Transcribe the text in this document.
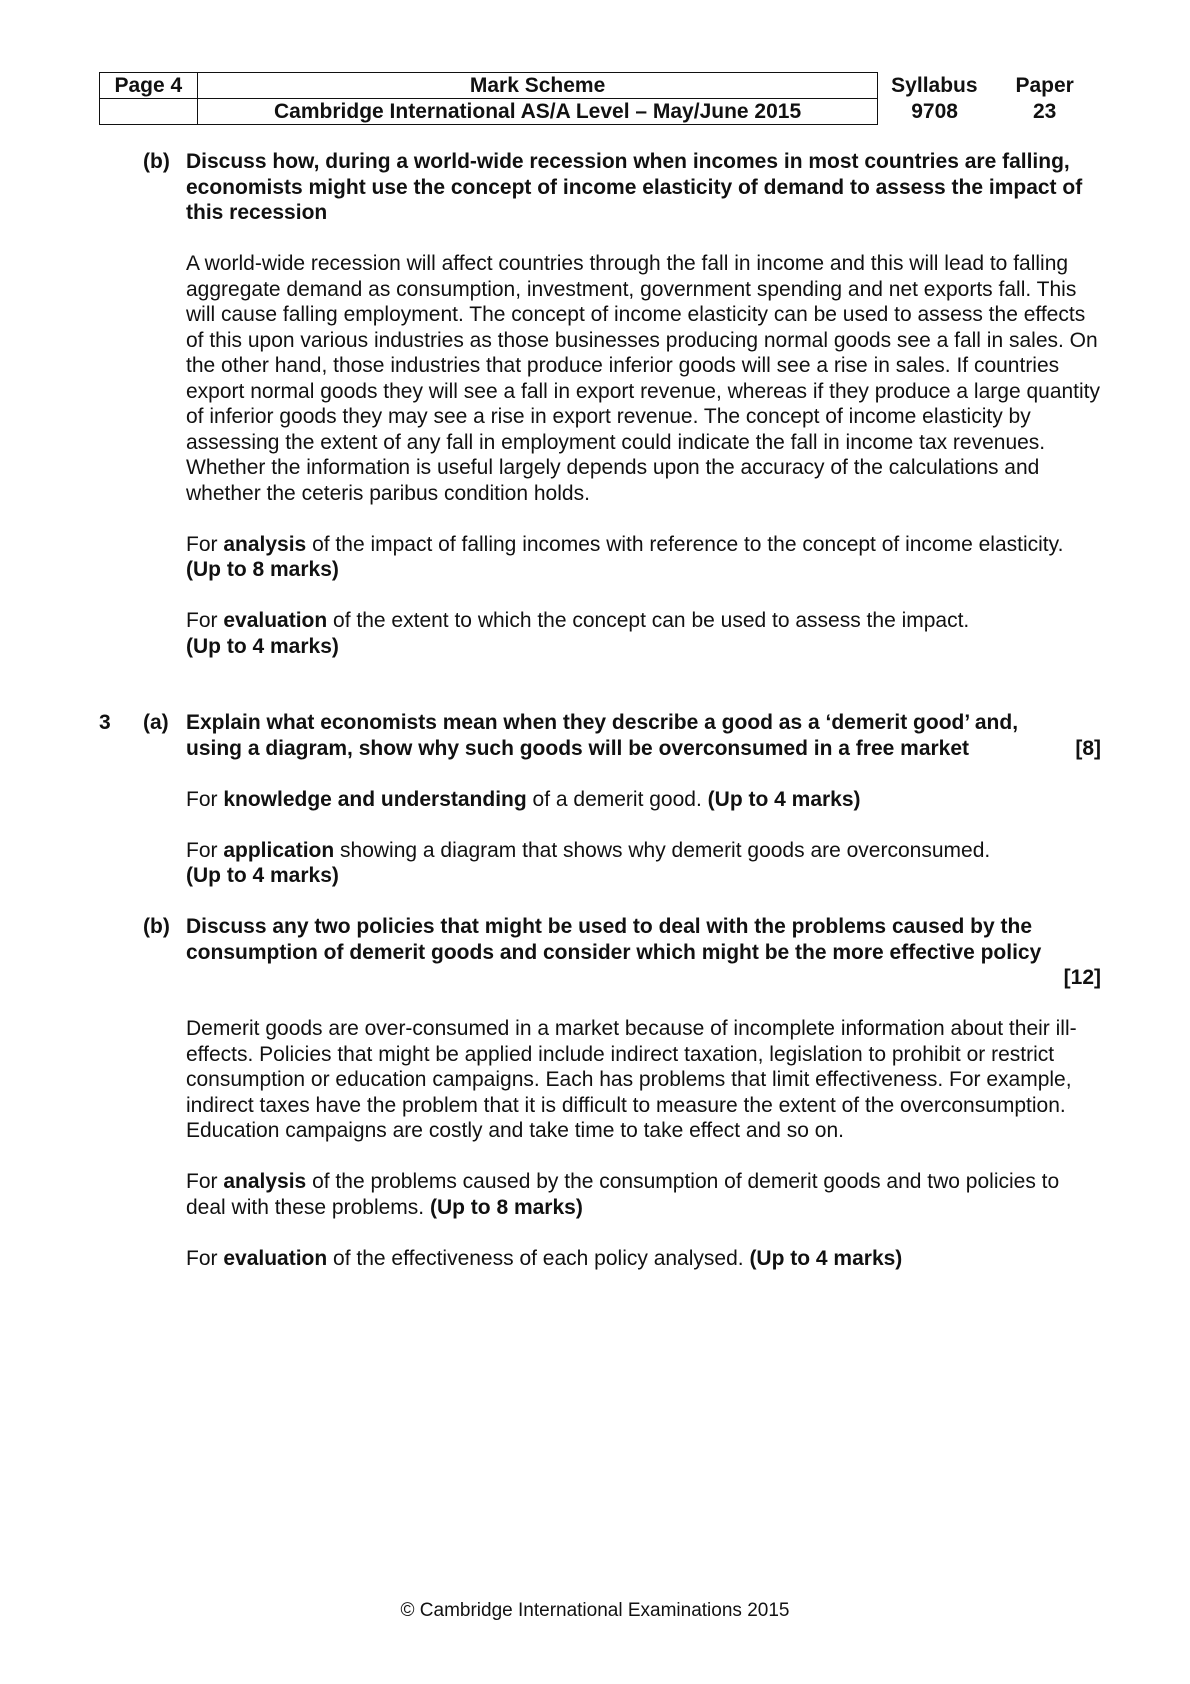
Page 4	Mark Scheme	Syllabus	Paper
	Cambridge International AS/A Level – May/June 2015	9708	23
(b) Discuss how, during a world-wide recession when incomes in most countries are falling, economists might use the concept of income elasticity of demand to assess the impact of this recession
A world-wide recession will affect countries through the fall in income and this will lead to falling aggregate demand as consumption, investment, government spending and net exports fall. This will cause falling employment. The concept of income elasticity can be used to assess the effects of this upon various industries as those businesses producing normal goods see a fall in sales. On the other hand, those industries that produce inferior goods will see a rise in sales. If countries export normal goods they will see a fall in export revenue, whereas if they produce a large quantity of inferior goods they may see a rise in export revenue. The concept of income elasticity by assessing the extent of any fall in employment could indicate the fall in income tax revenues. Whether the information is useful largely depends upon the accuracy of the calculations and whether the ceteris paribus condition holds.
For analysis of the impact of falling incomes with reference to the concept of income elasticity. (Up to 8 marks)
For evaluation of the extent to which the concept can be used to assess the impact.
(Up to 4 marks)
3 (a)
[8]
Explain what economists mean when they describe a good as a ‘demerit good’ and, using a diagram, show why such goods will be overconsumed in a free market
For knowledge and understanding of a demerit good. (Up to 4 marks)
For application showing a diagram that shows why demerit goods are overconsumed.
(Up to 4 marks)
(b) Discuss any two policies that might be used to deal with the problems caused by the consumption of demerit goods and consider which might be the more effective policy
[12]
Demerit goods are over-consumed in a market because of incomplete information about their ill-effects. Policies that might be applied include indirect taxation, legislation to prohibit or restrict consumption or education campaigns. Each has problems that limit effectiveness. For example, indirect taxes have the problem that it is difficult to measure the extent of the overconsumption. Education campaigns are costly and take time to take effect and so on.
For analysis of the problems caused by the consumption of demerit goods and two policies to deal with these problems. (Up to 8 marks)
For evaluation of the effectiveness of each policy analysed. (Up to 4 marks)
© Cambridge International Examinations 2015
